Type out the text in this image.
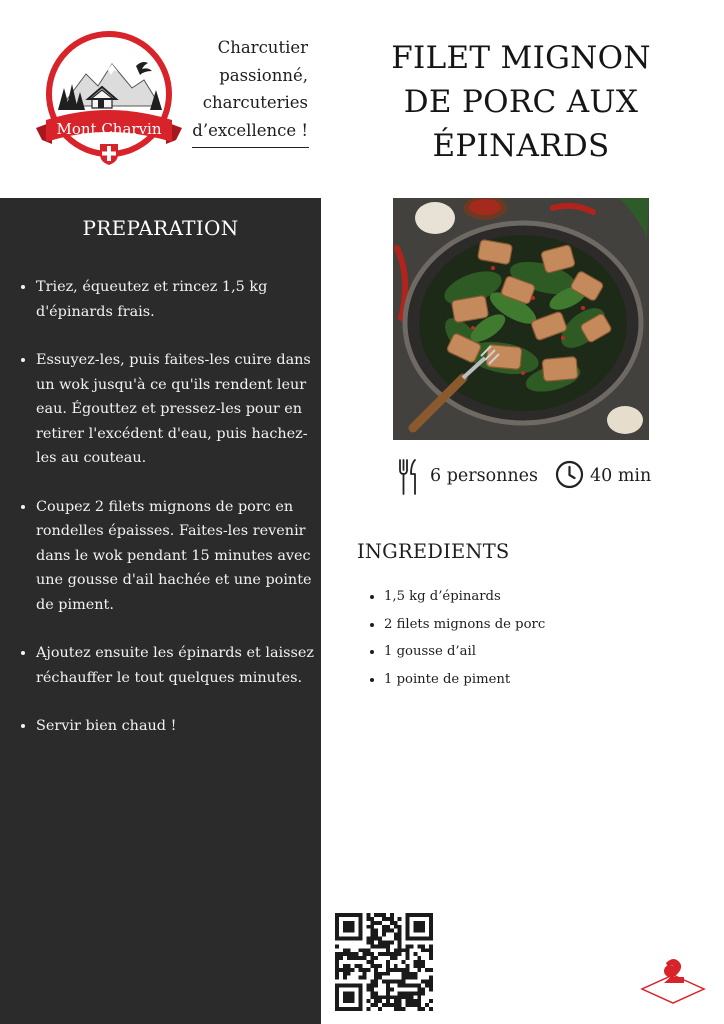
Mont Charvin
Charcutier
passionné,
charcuteries
d’excellence !
FILET MIGNON
DE PORC AUX
ÉPINARDS
PREPARATION
• Triez, équeutez et rincez 1,5 kg d'épinards frais.
• Essuyez-les, puis faites-les cuire dans un wok jusqu'à ce qu'ils rendent leur eau. Égouttez et pressez-les pour en retirer l'excédent d'eau, puis hachez-les au couteau.
• Coupez 2 filets mignons de porc en rondelles épaisses. Faites-les revenir dans le wok pendant 15 minutes avec une gousse d'ail hachée et une pointe de piment.
• Ajoutez ensuite les épinards et laissez réchauffer le tout quelques minutes.
• Servir bien chaud !
6 personnes	40 min
INGREDIENTS
• 1,5 kg d’épinards
• 2 filets mignons de porc
• 1 gousse d’ail
• 1 pointe de piment
